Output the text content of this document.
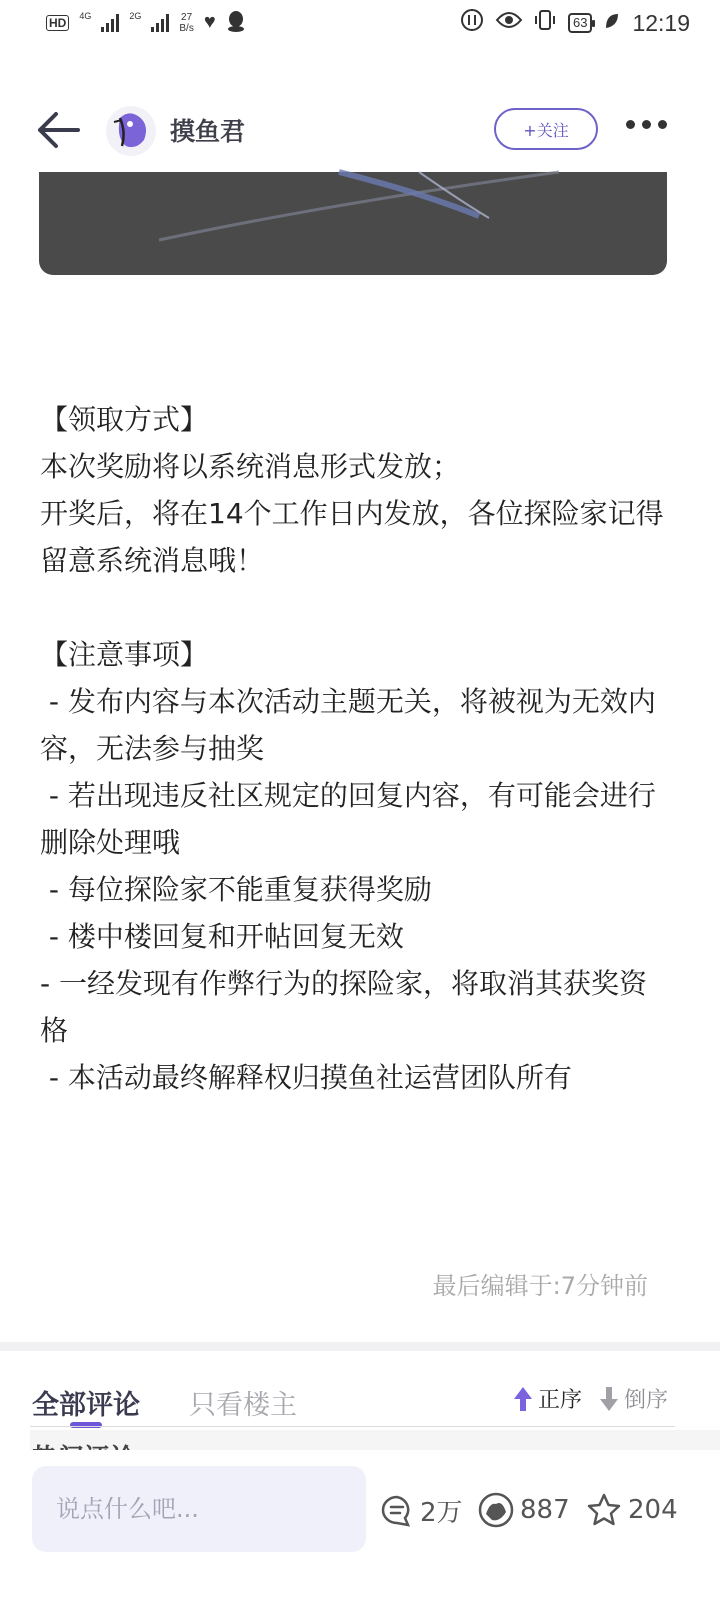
HD	4G	2G	27
B/s ♥	63 12:19
摸鱼君	+关注

【领取方式】

本次奖励将以系统消息形式发放；

开奖后，将在14个工作日内发放，各位探险家记得留意系统消息哦！

【注意事项】

- 发布内容与本次活动主题无关，将被视为无效内容，无法参与抽奖

- 若出现违反社区规定的回复内容，有可能会进行删除处理哦

- 每位探险家不能重复获得奖励

- 楼中楼回复和开帖回复无效

- 一经发现有作弊行为的探险家，将取消其获奖资格

- 本活动最终解释权归摸鱼社运营团队所有

最后编辑于:7分钟前
全部评论 只看楼主	正序 倒序
说点什么吧...
2万 887 204
